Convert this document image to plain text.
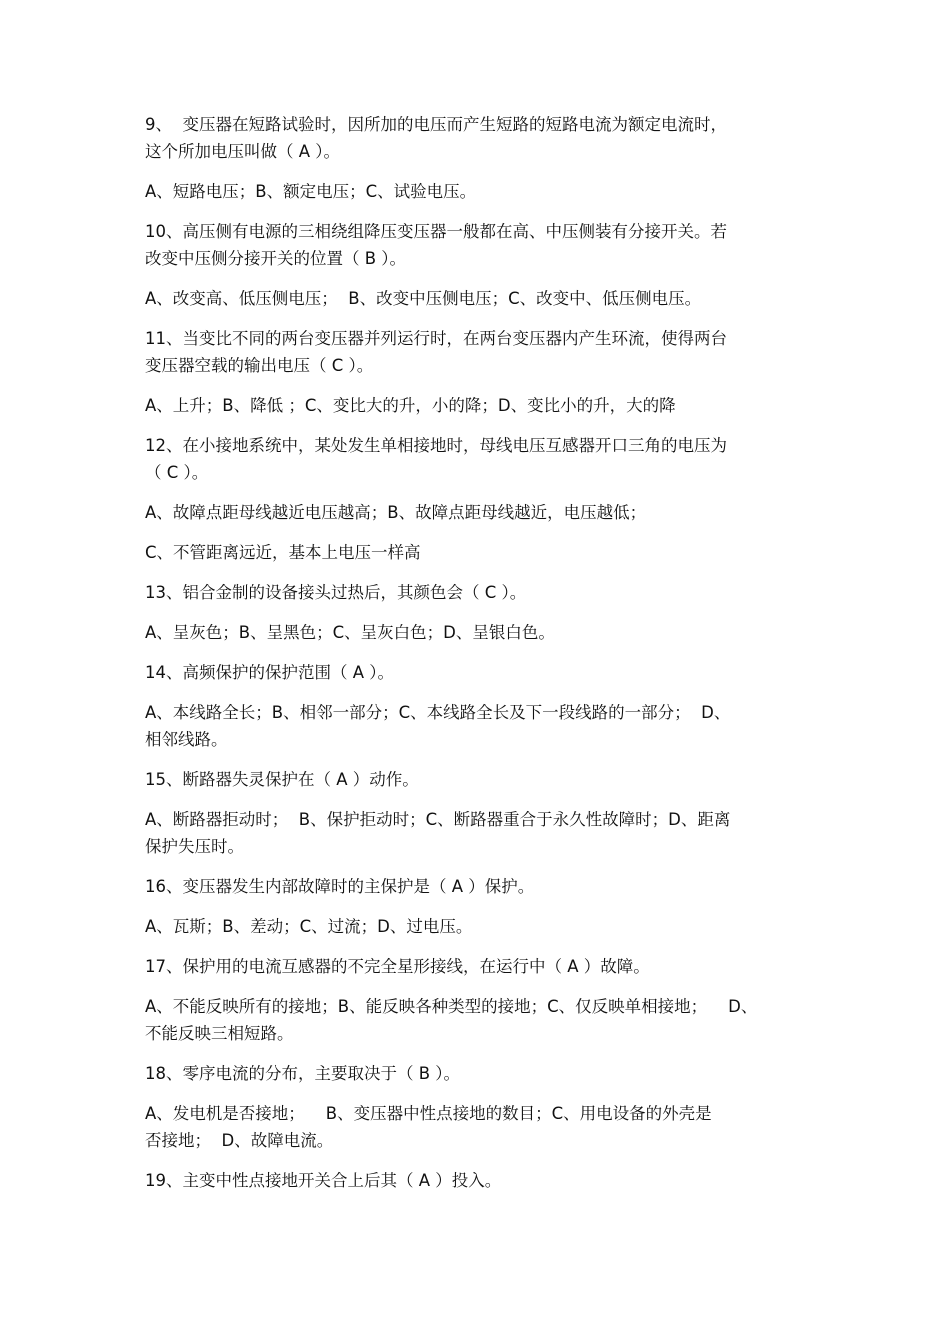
9、  变压器在短路试验时，因所加的电压而产生短路的短路电流为额定电流时，
这个所加电压叫做（ A ）。
A、短路电压；B、额定电压；C、试验电压。
10、高压侧有电源的三相绕组降压变压器一般都在高、中压侧装有分接开关。若
改变中压侧分接开关的位置（ B ）。
A、改变高、低压侧电压；  B、改变中压侧电压；C、改变中、低压侧电压。
11、当变比不同的两台变压器并列运行时，在两台变压器内产生环流，使得两台
变压器空载的输出电压（ C ）。
A、上升；B、降低 ；C、变比大的升，小的降；D、变比小的升，大的降
12、在小接地系统中，某处发生单相接地时，母线电压互感器开口三角的电压为
（ C ）。
A、故障点距母线越近电压越高；B、故障点距母线越近，电压越低；
C、不管距离远近，基本上电压一样高
13、铝合金制的设备接头过热后，其颜色会（ C ）。
A、呈灰色；B、呈黑色；C、呈灰白色；D、呈银白色。
14、高频保护的保护范围（ A ）。
A、本线路全长；B、相邻一部分；C、本线路全长及下一段线路的一部分；  D、
相邻线路。
15、断路器失灵保护在（ A ）动作。
A、断路器拒动时；  B、保护拒动时；C、断路器重合于永久性故障时；D、距离
保护失压时。
16、变压器发生内部故障时的主保护是（ A ）保护。
A、瓦斯；B、差动；C、过流；D、过电压。
17、保护用的电流互感器的不完全星形接线，在运行中（ A ）故障。
A、不能反映所有的接地；B、能反映各种类型的接地；C、仅反映单相接地；    D、
不能反映三相短路。
18、零序电流的分布，主要取决于（ B ）。
A、发电机是否接地；    B、变压器中性点接地的数目；C、用电设备的外壳是
否接地；  D、故障电流。
19、主变中性点接地开关合上后其（ A ）投入。
